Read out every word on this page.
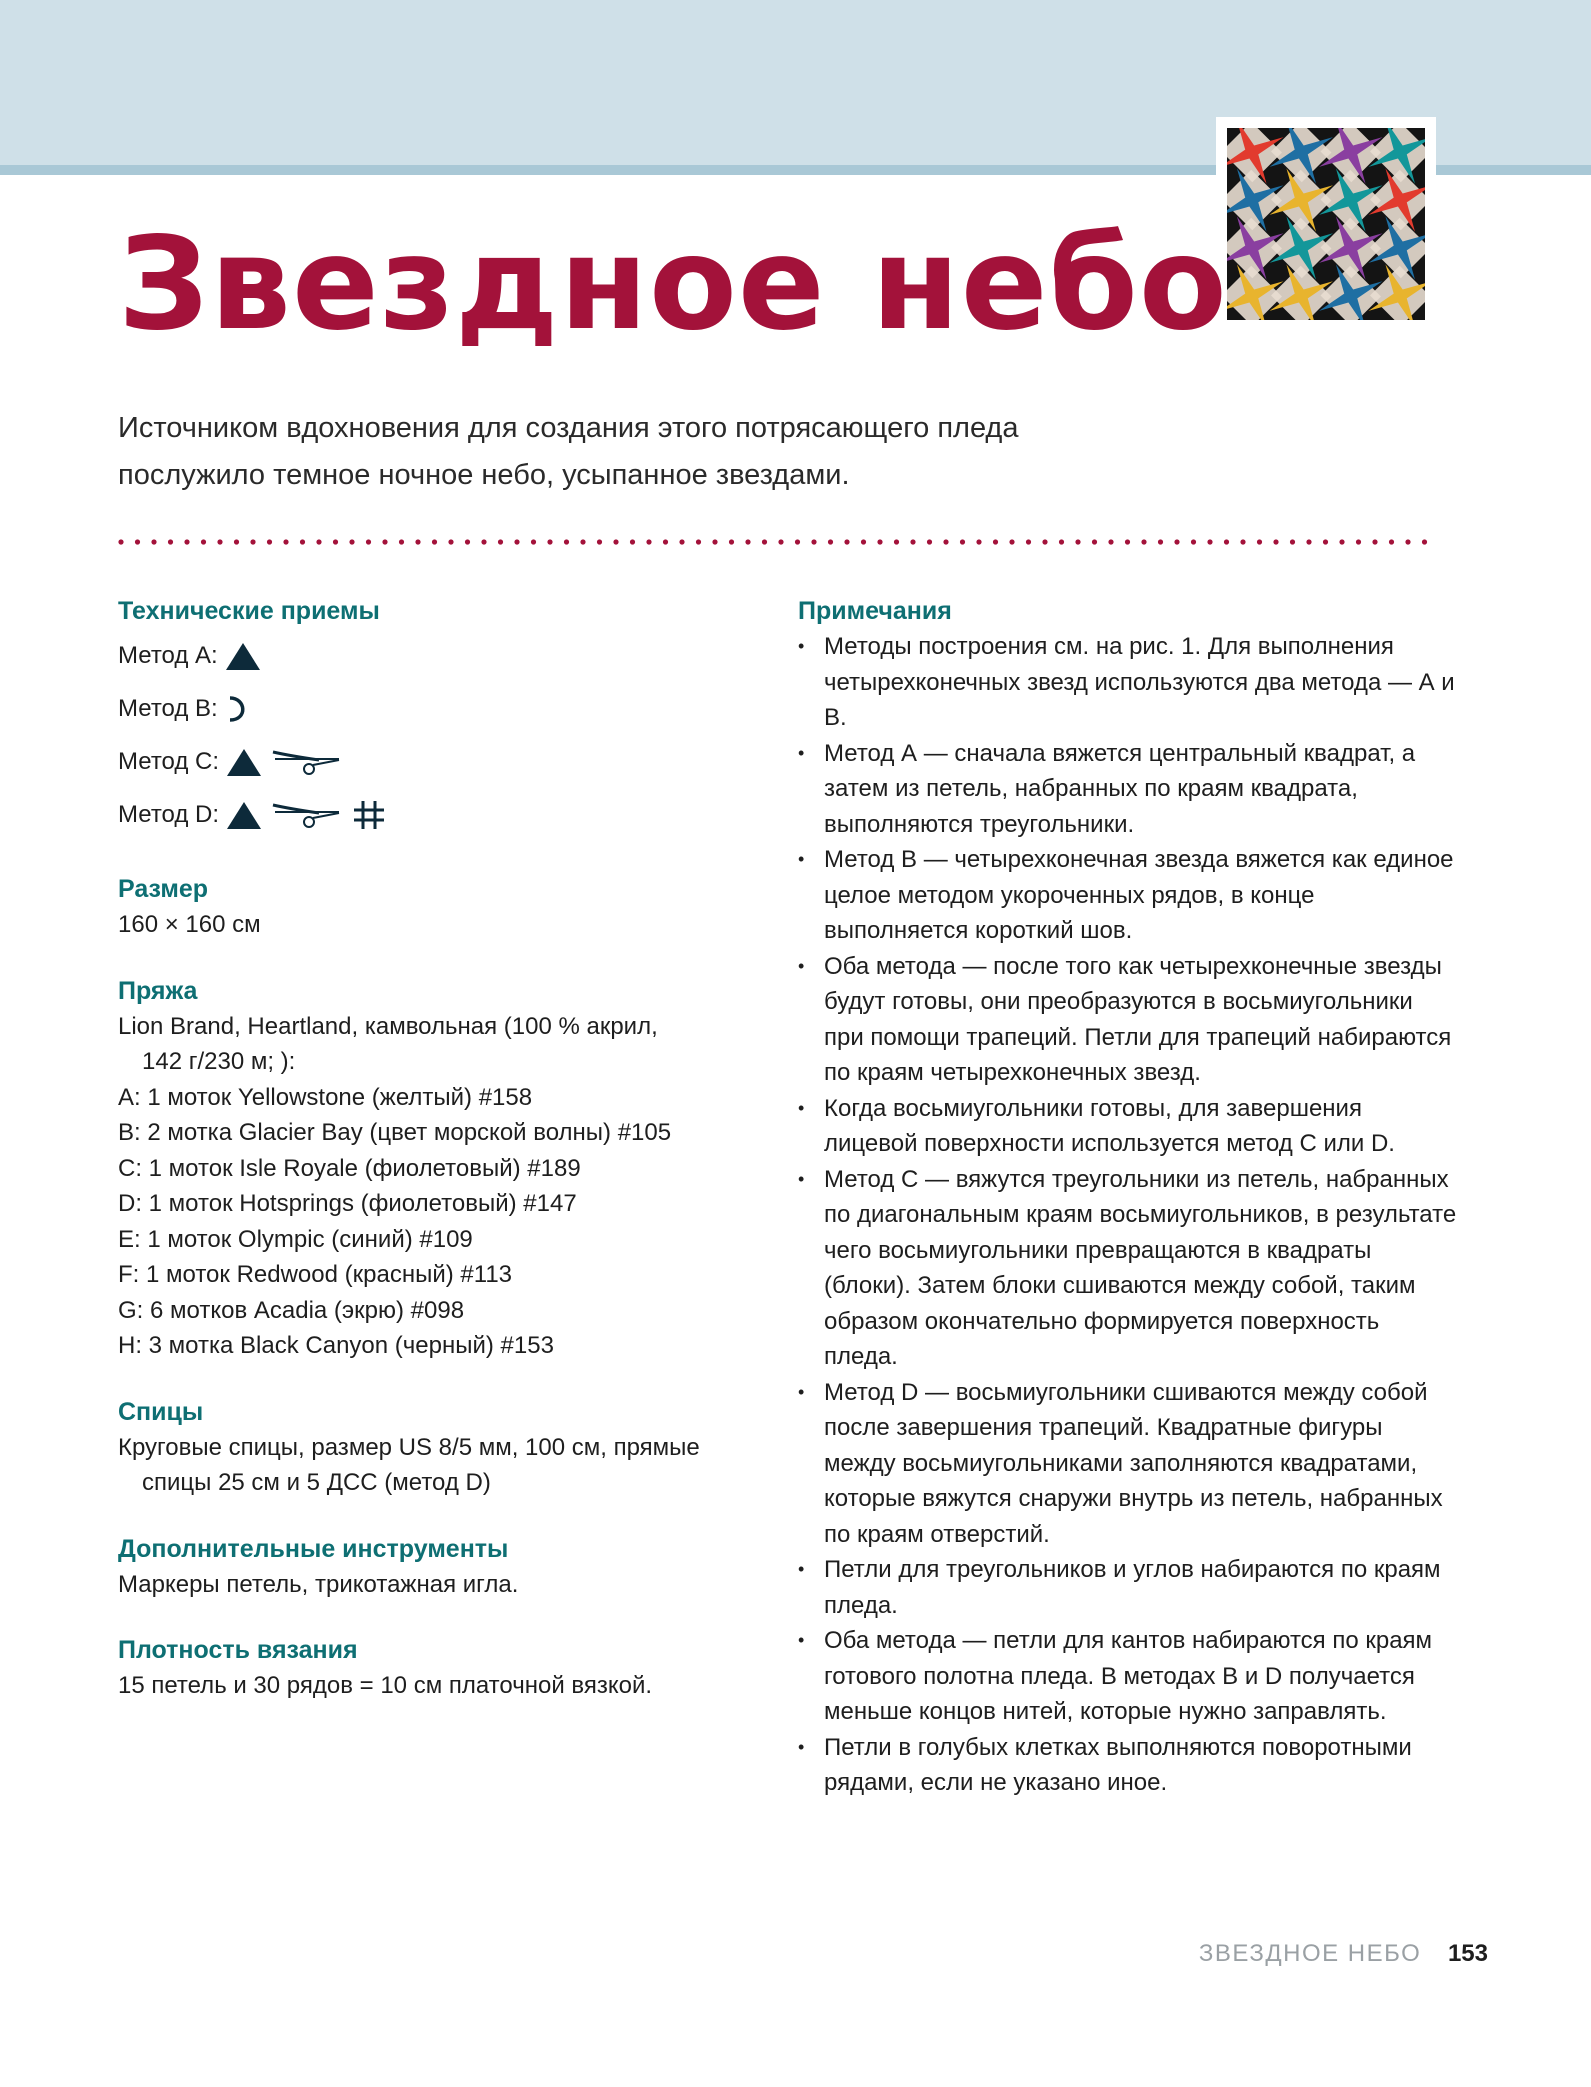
Звездное небо

Источником вдохновения для создания этого потрясающего пледа послужило темное ночное небо, усыпанное звездами.

Технические приемы
Метод A:
Метод B:
Метод C:
Метод D:
Размер

160 × 160 см

Пряжа

Lion Brand, Heartland, камвольная (100 % акрил,

142 г/230 м; ):

A: 1 моток Yellowstone (желтый) #158

B: 2 мотка Glacier Bay (цвет морской волны) #105

C: 1 моток Isle Royale (фиолетовый) #189

D: 1 моток Hotsprings (фиолетовый) #147

E: 1 моток Olympic (синий) #109

F: 1 моток Redwood (красный) #113

G: 6 мотков Acadia (экрю) #098

H: 3 мотка Black Canyon (черный) #153

Спицы

Круговые спицы, размер US 8/5 мм, 100 см, прямые

спицы 25 см и 5 ДСС (метод D)

Дополнительные инструменты

Маркеры петель, трикотажная игла.

Плотность вязания

15 петель и 30 рядов = 10 см платочной вязкой.

Примечания
• Методы построения см. на рис. 1. Для выполнения четырехконечных звезд используются два метода — А и В.
• Метод А — сначала вяжется центральный квадрат, а затем из петель, набранных по краям квадрата, выполняются треугольники.
• Метод В — четырехконечная звезда вяжется как единое целое методом укороченных рядов, в конце выполняется короткий шов.
• Оба метода — после того как четырехконечные звезды будут готовы, они преобразуются в восьмиугольники при помощи трапеций. Петли для трапеций набираются по краям четырехконечных звезд.
• Когда восьмиугольники готовы, для завершения лицевой поверхности используется метод С или D.
• Метод С — вяжутся треугольники из петель, набранных по диагональным краям восьмиугольников, в результате чего восьмиугольники превращаются в квадраты (блоки). Затем блоки сшиваются между собой, таким образом окончательно формируется поверхность пледа.
• Метод D — восьмиугольники сшиваются между собой после завершения трапеций. Квадратные фигуры между восьмиугольниками заполняются квадратами, которые вяжутся снаружи внутрь из петель, набранных по краям отверстий.
• Петли для треугольников и углов набираются по краям пледа.
• Оба метода — петли для кантов набираются по краям готового полотна пледа. В методах В и D получается меньше концов нитей, которые нужно заправлять.
• Петли в голубых клетках выполняются поворотными рядами, если не указано иное.
ЗВЕЗДНОЕ НЕБО 153
